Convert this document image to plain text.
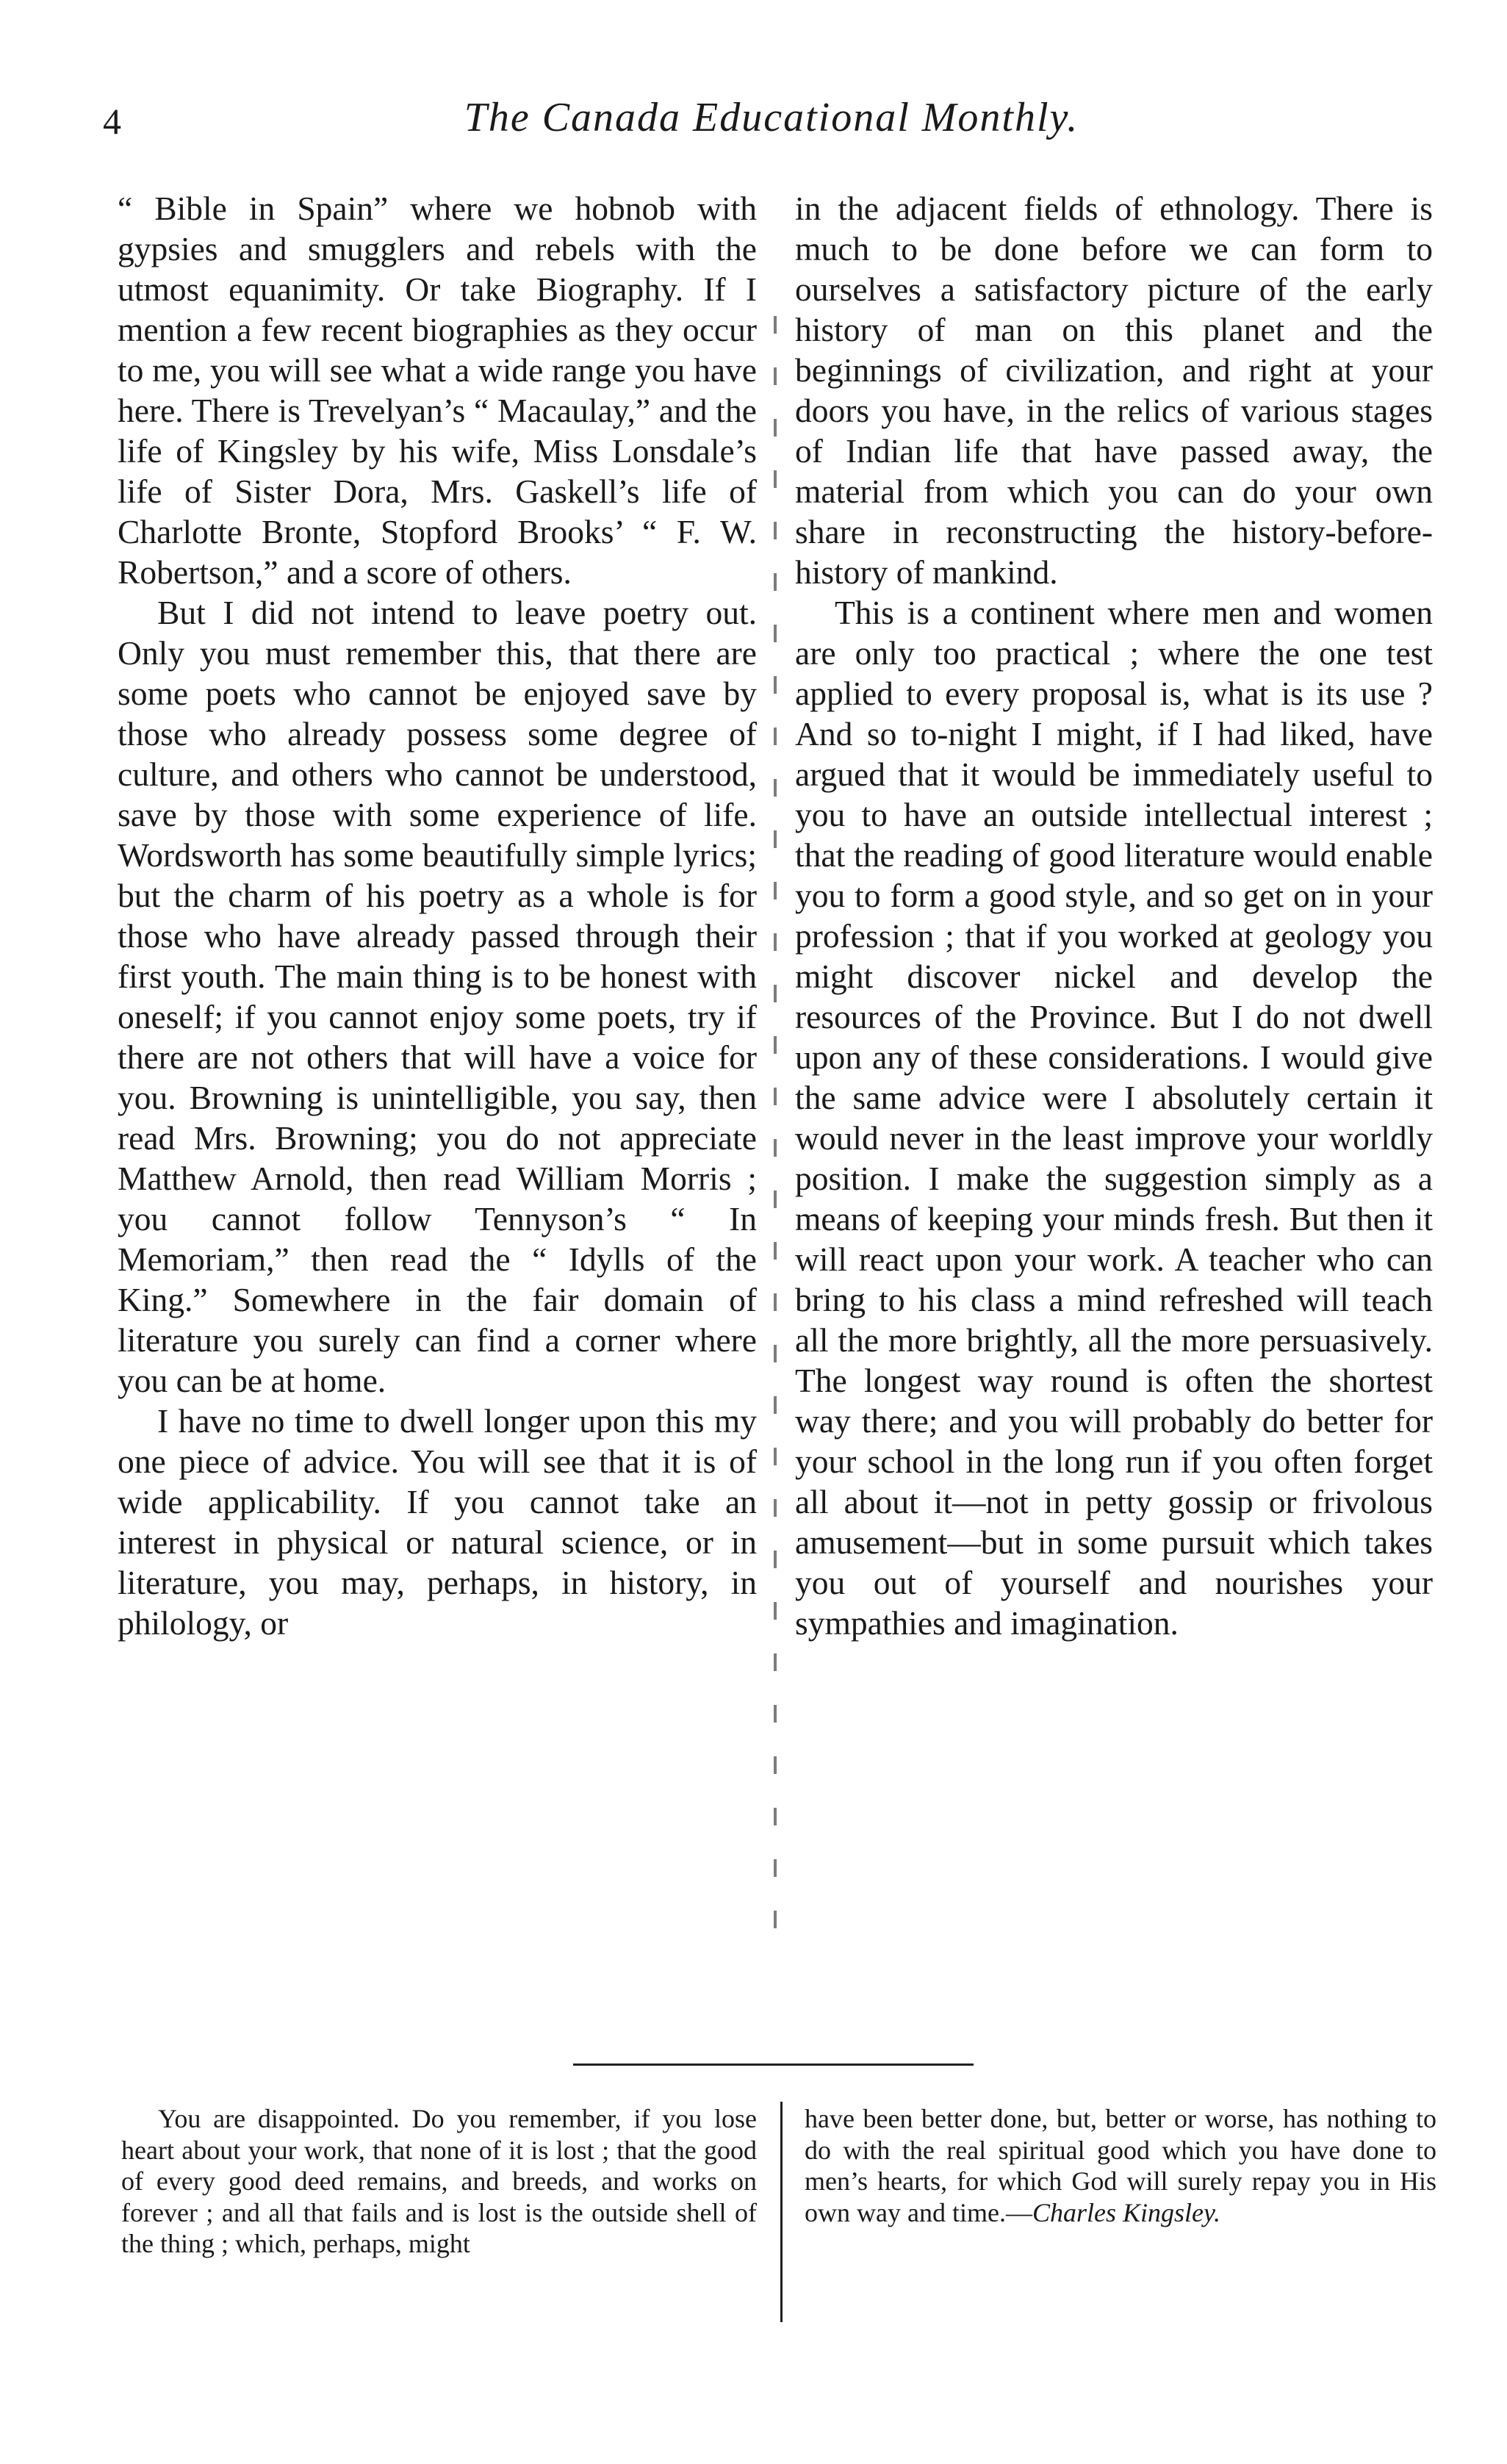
4	The Canada Educational Monthly.

“ Bible in Spain” where we hobnob with gypsies and smugglers and rebels with the utmost equanimity. Or take Biography. If I mention a few recent biographies as they occur to me, you will see what a wide range you have here. There is Trevelyan’s “ Macaulay,” and the life of Kingsley by his wife, Miss Lonsdale’s life of Sister Dora, Mrs. Gaskell’s life of Charlotte Bronte, Stopford Brooks’ “ F. W. Robertson,” and a score of others.

But I did not intend to leave poetry out. Only you must remember this, that there are some poets who cannot be enjoyed save by those who already possess some degree of culture, and others who cannot be understood, save by those with some experience of life. Wordsworth has some beautifully simple lyrics; but the charm of his poetry as a whole is for those who have already passed through their first youth. The main thing is to be honest with oneself; if you cannot enjoy some poets, try if there are not others that will have a voice for you. Browning is unintelligible, you say, then read Mrs. Browning; you do not appreciate Matthew Arnold, then read William Morris ; you cannot follow Tennyson’s “ In Memoriam,” then read the “ Idylls of the King.” Somewhere in the fair domain of literature you surely can find a corner where you can be at home.

I have no time to dwell longer upon this my one piece of advice. You will see that it is of wide applicability. If you cannot take an interest in physical or natural science, or in literature, you may, perhaps, in history, in philology, or

in the adjacent fields of ethnology. There is much to be done before we can form to ourselves a satisfactory picture of the early history of man on this planet and the beginnings of civilization, and right at your doors you have, in the relics of various stages of Indian life that have passed away, the material from which you can do your own share in reconstructing the history-before-history of mankind.

This is a continent where men and women are only too practical ; where the one test applied to every proposal is, what is its use ? And so to-night I might, if I had liked, have argued that it would be immediately useful to you to have an outside intellectual interest ; that the reading of good literature would enable you to form a good style, and so get on in your profession ; that if you worked at geology you might discover nickel and develop the resources of the Province. But I do not dwell upon any of these considerations. I would give the same advice were I absolutely certain it would never in the least improve your worldly position. I make the suggestion simply as a means of keeping your minds fresh. But then it will react upon your work. A teacher who can bring to his class a mind refreshed will teach all the more brightly, all the more persuasively. The longest way round is often the shortest way there; and you will probably do better for your school in the long run if you often forget all about it—not in petty gossip or frivolous amusement—but in some pursuit which takes you out of yourself and nourishes your sympathies and imagination.

You are disappointed. Do you remember, if you lose heart about your work, that none of it is lost ; that the good of every good deed remains, and breeds, and works on forever ; and all that fails and is lost is the outside shell of the thing ; which, perhaps, might
have been better done, but, better or worse, has nothing to do with the real spiritual good which you have done to men’s hearts, for which God will surely repay you in His own way and time.—Charles Kingsley.
